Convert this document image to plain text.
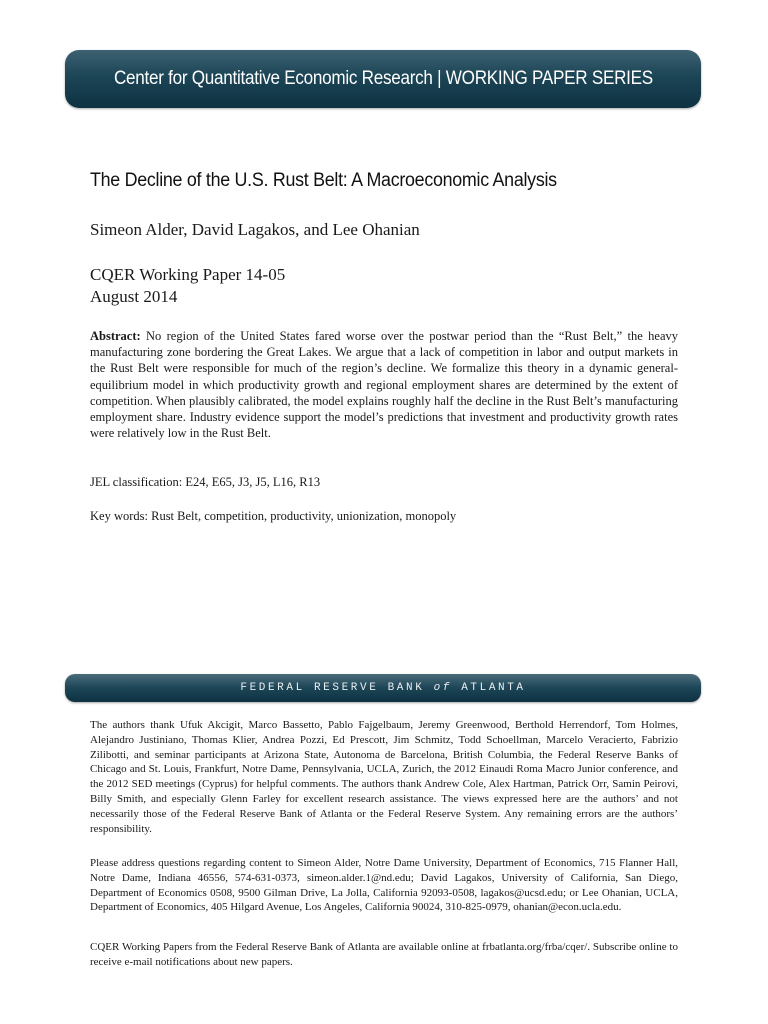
Center for Quantitative Economic Research | WORKING PAPER SERIES
The Decline of the U.S. Rust Belt: A Macroeconomic Analysis
Simeon Alder, David Lagakos, and Lee Ohanian
CQER Working Paper 14-05
August 2014
Abstract: No region of the United States fared worse over the postwar period than the “Rust Belt,” the heavy manufacturing zone bordering the Great Lakes. We argue that a lack of competition in labor and output markets in the Rust Belt were responsible for much of the region’s decline. We formalize this theory in a dynamic general-equilibrium model in which productivity growth and regional employment shares are determined by the extent of competition. When plausibly calibrated, the model explains roughly half the decline in the Rust Belt’s manufacturing employment share. Industry evidence support the model’s predictions that investment and productivity growth rates were relatively low in the Rust Belt.
JEL classification: E24, E65, J3, J5, L16, R13
Key words: Rust Belt, competition, productivity, unionization, monopoly
FEDERAL RESERVE BANK of ATLANTA
The authors thank Ufuk Akcigit, Marco Bassetto, Pablo Fajgelbaum, Jeremy Greenwood, Berthold Herrendorf, Tom Holmes, Alejandro Justiniano, Thomas Klier, Andrea Pozzi, Ed Prescott, Jim Schmitz, Todd Schoellman, Marcelo Veracierto, Fabrizio Zilibotti, and seminar participants at Arizona State, Autonoma de Barcelona, British Columbia, the Federal Reserve Banks of Chicago and St. Louis, Frankfurt, Notre Dame, Pennsylvania, UCLA, Zurich, the 2012 Einaudi Roma Macro Junior conference, and the 2012 SED meetings (Cyprus) for helpful comments. The authors thank Andrew Cole, Alex Hartman, Patrick Orr, Samin Peirovi, Billy Smith, and especially Glenn Farley for excellent research assistance. The views expressed here are the authors’ and not necessarily those of the Federal Reserve Bank of Atlanta or the Federal Reserve System. Any remaining errors are the authors’ responsibility.
Please address questions regarding content to Simeon Alder, Notre Dame University, Department of Economics, 715 Flanner Hall, Notre Dame, Indiana 46556, 574-631-0373, simeon.alder.1@nd.edu; David Lagakos, University of California, San Diego, Department of Economics 0508, 9500 Gilman Drive, La Jolla, California 92093-0508, lagakos@ucsd.edu; or Lee Ohanian, UCLA, Department of Economics, 405 Hilgard Avenue, Los Angeles, California 90024, 310-825-0979, ohanian@econ.ucla.edu.
CQER Working Papers from the Federal Reserve Bank of Atlanta are available online at frbatlanta.org/frba/cqer/. Subscribe online to receive e-mail notifications about new papers.
